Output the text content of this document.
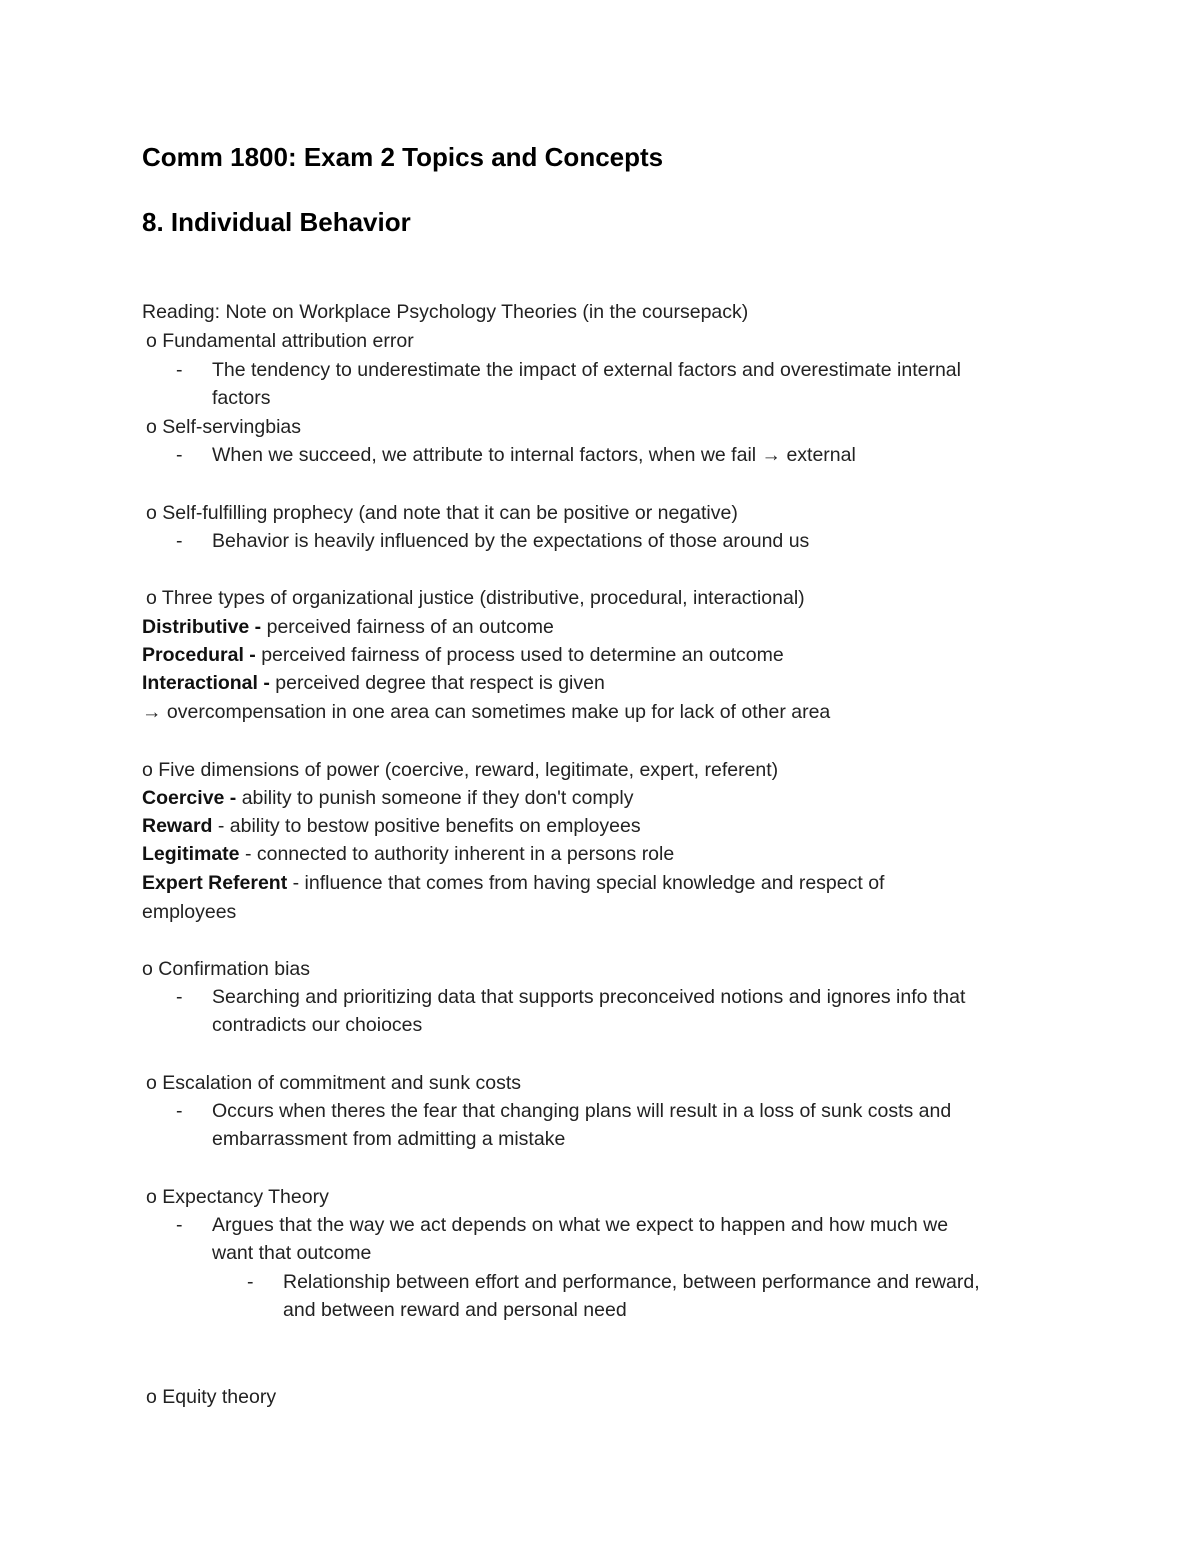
Comm 1800: Exam 2 Topics and Concepts
8. Individual Behavior
Reading: Note on Workplace Psychology Theories (in the coursepack)
o Fundamental attribution error
- The tendency to underestimate the impact of external factors and overestimate internal
factors
o Self-servingbias
- When we succeed, we attribute to internal factors, when we fail → external
o Self-fulfilling prophecy (and note that it can be positive or negative)
- Behavior is heavily influenced by the expectations of those around us
o Three types of organizational justice (distributive, procedural, interactional)
Distributive - perceived fairness of an outcome
Procedural - perceived fairness of process used to determine an outcome
Interactional - perceived degree that respect is given
→ overcompensation in one area can sometimes make up for lack of other area
o Five dimensions of power (coercive, reward, legitimate, expert, referent)
Coercive - ability to punish someone if they don't comply
Reward - ability to bestow positive benefits on employees
Legitimate - connected to authority inherent in a persons role
Expert Referent - influence that comes from having special knowledge and respect of
employees
o Confirmation bias
- Searching and prioritizing data that supports preconceived notions and ignores info that
contradicts our choioces
o Escalation of commitment and sunk costs
- Occurs when theres the fear that changing plans will result in a loss of sunk costs and
embarrassment from admitting a mistake
o Expectancy Theory
- Argues that the way we act depends on what we expect to happen and how much we
want that outcome
- Relationship between effort and performance, between performance and reward,
and between reward and personal need
o Equity theory
